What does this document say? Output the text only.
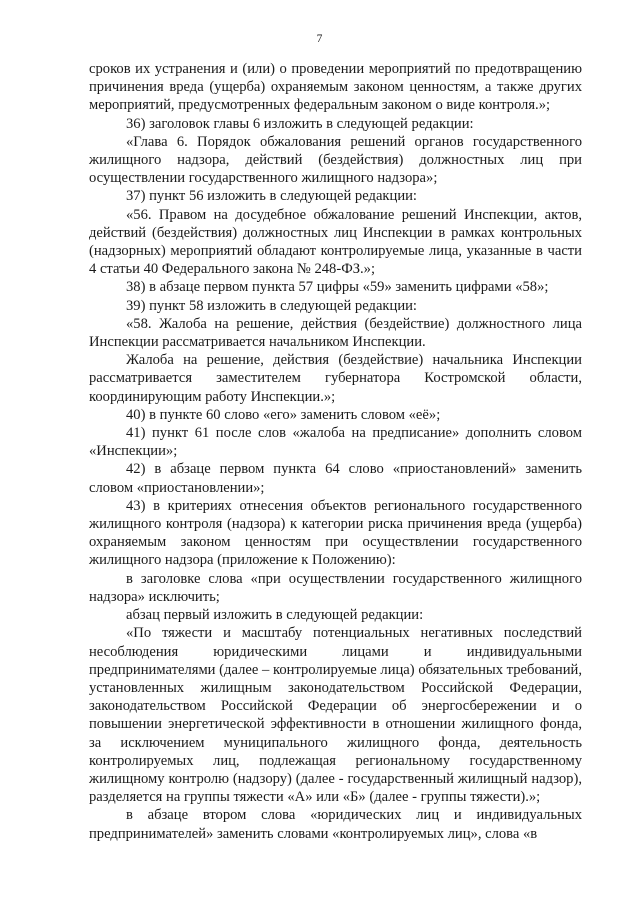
7

сроков их устранения и (или) о проведении мероприятий по предотвращению причинения вреда (ущерба) охраняемым законом ценностям, а также других мероприятий, предусмотренных федеральным законом о виде контроля.»;

36) заголовок главы 6 изложить в следующей редакции:

«Глава 6. Порядок обжалования решений органов государственного жилищного надзора, действий (бездействия) должностных лиц при осуществлении государственного жилищного надзора»;

37) пункт 56 изложить в следующей редакции:

«56. Правом на досудебное обжалование решений Инспекции, актов, действий (бездействия) должностных лиц Инспекции в рамках контрольных (надзорных) мероприятий обладают контролируемые лица, указанные в части 4 статьи 40 Федерального закона № 248-ФЗ.»;

38) в абзаце первом пункта 57 цифры «59» заменить цифрами «58»;

39) пункт 58 изложить в следующей редакции:

«58. Жалоба на решение, действия (бездействие) должностного лица Инспекции рассматривается начальником Инспекции.

Жалоба на решение, действия (бездействие) начальника Инспекции рассматривается заместителем губернатора Костромской области, координирующим работу Инспекции.»;

40) в пункте 60 слово «его» заменить словом «её»;

41) пункт 61 после слов «жалоба на предписание» дополнить словом «Инспекции»;

42) в абзаце первом пункта 64 слово «приостановлений» заменить словом «приостановлении»;

43) в критериях отнесения объектов регионального государственного жилищного контроля (надзора) к категории риска причинения вреда (ущерба) охраняемым законом ценностям при осуществлении государственного жилищного надзора (приложение к Положению):

в заголовке слова «при осуществлении государственного жилищного надзора» исключить;

абзац первый изложить в следующей редакции:

«По тяжести и масштабу потенциальных негативных последствий несоблюдения юридическими лицами и индивидуальными предпринимателями (далее – контролируемые лица) обязательных требований, установленных жилищным законодательством Российской Федерации, законодательством Российской Федерации об энергосбережении и о повышении энергетической эффективности в отношении жилищного фонда, за исключением муниципального жилищного фонда, деятельность контролируемых лиц, подлежащая региональному государственному жилищному контролю (надзору) (далее - государственный жилищный надзор), разделяется на группы тяжести «А» или «Б» (далее - группы тяжести).»;

в абзаце втором слова «юридических лиц и индивидуальных предпринимателей» заменить словами «контролируемых лиц», слова «в
